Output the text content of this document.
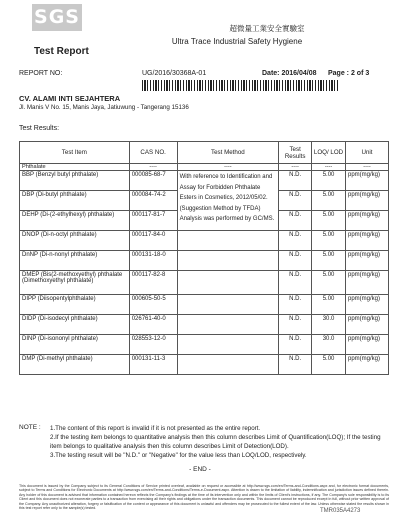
SGS
Test Report
超微量工業安全實驗室
Ultra Trace Industrial Safety Hygiene
REPORT NO:	UG/2016/30368A-01	Date: 2016/04/08 Page : 2 of 3
CV. ALAMI INTI SEJAHTERA
Jl. Manis V No. 15, Manis Jaya, Jatiuwung - Tangerang 15136
Test Results:
Test Item	CAS NO.	Test Method	Test Results	LOQ/ LOD	Unit
Phthalate	----	----	----	----	----
BBP (Benzyl butyl phthalate)	000085-68-7	With reference to Identification and Assay for Forbidden Phthalate Esters in Cosmetics, 2012/05/02. (Suggestion Method by TFDA) Analysis was performed by GC/MS.	N.D.	5.00	ppm(mg/kg)
DBP (Di-butyl phthalate)	000084-74-2		N.D.	5.00	ppm(mg/kg)
DEHP (Di-(2-ethylhexyl) phthalate)	000117-81-7		N.D.	5.00	ppm(mg/kg)
DNOP (Di-n-octyl phthalate)	000117-84-0		N.D.	5.00	ppm(mg/kg)
DnNP (Di-n-nonyl phthalate)	000131-18-0		N.D.	5.00	ppm(mg/kg)
DMEP (Bis(2-methoxyethyl) phthalate (Dimethoxyethyl phthalate)	000117-82-8		N.D.	5.00	ppm(mg/kg)
DIPP (Diisopentylphthalate)	000605-50-5		N.D.	5.00	ppm(mg/kg)
DIDP (Di-isodecyl phthalate)	026761-40-0		N.D.	30.0	ppm(mg/kg)
DINP (Di-isononyl phthalate)	028553-12-0		N.D.	30.0	ppm(mg/kg)
DMP (Di-methyl phthalate)	000131-11-3		N.D.	5.00	ppm(mg/kg)
NOTE : 1.The content of this report is invalid if it is not presented as the entire report.
2.If the testing item belongs to quantitative analysis then this column describes Limit of Quantification(LOQ); If the testing item belongs to qualitative analysis then this column describes Limit of Detection(LOD).
3.The testing result will be "N.D." or "Negative" for the value less than LOQ/LOD, respectively.
- END -
This document is issued by the Company subject to its General Conditions of Service printed overleaf, available on request or accessible at http://www.sgs.com/en/Terms-and-Conditions.aspx and, for electronic format documents, subject to Terms and Conditions for Electronic Documents at http://www.sgs.com/en/Terms-and-Conditions/Terms-e-Document.aspx. Attention is drawn to the limitation of liability, indemnification and jurisdiction issues defined therein. Any holder of this document is advised that information contained hereon reflects the Company's findings at the time of its intervention only and within the limits of Client's instructions, if any. The Company's sole responsibility is to its Client and this document does not exonerate parties to a transaction from exercising all their rights and obligations under the transaction documents. This document cannot be reproduced except in full, without prior written approval of the Company. Any unauthorized alteration, forgery or falsification of the content or appearance of this document is unlawful and offenders may be prosecuted to the fullest extent of the law. Unless otherwise stated the results shown in this test report refer only to the sample(s) tested.	TMR035A4273
